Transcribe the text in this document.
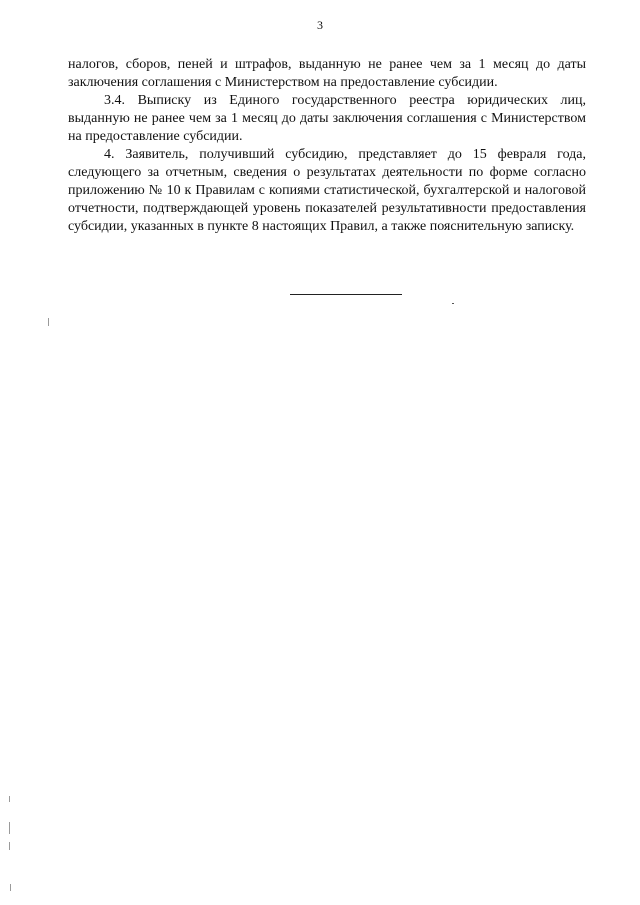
3

налогов, сборов, пеней и штрафов, выданную не ранее чем за 1 месяц до даты заключения соглашения с Министерством на предоставление субсидии.

3.4. Выписку из Единого государственного реестра юридических лиц, выданную не ранее чем за 1 месяц до даты заключения соглашения с Министерством на предоставление субсидии.

4. Заявитель, получивший субсидию, представляет до 15 февраля года, следующего за отчетным, сведения о результатах деятельности по форме согласно приложению № 10 к Правилам с копиями статистической, бухгалтерской и налоговой отчетности, подтверждающей уровень показателей результативности предоставления субсидии, указанных в пункте 8 настоящих Правил, а также пояснительную записку.
